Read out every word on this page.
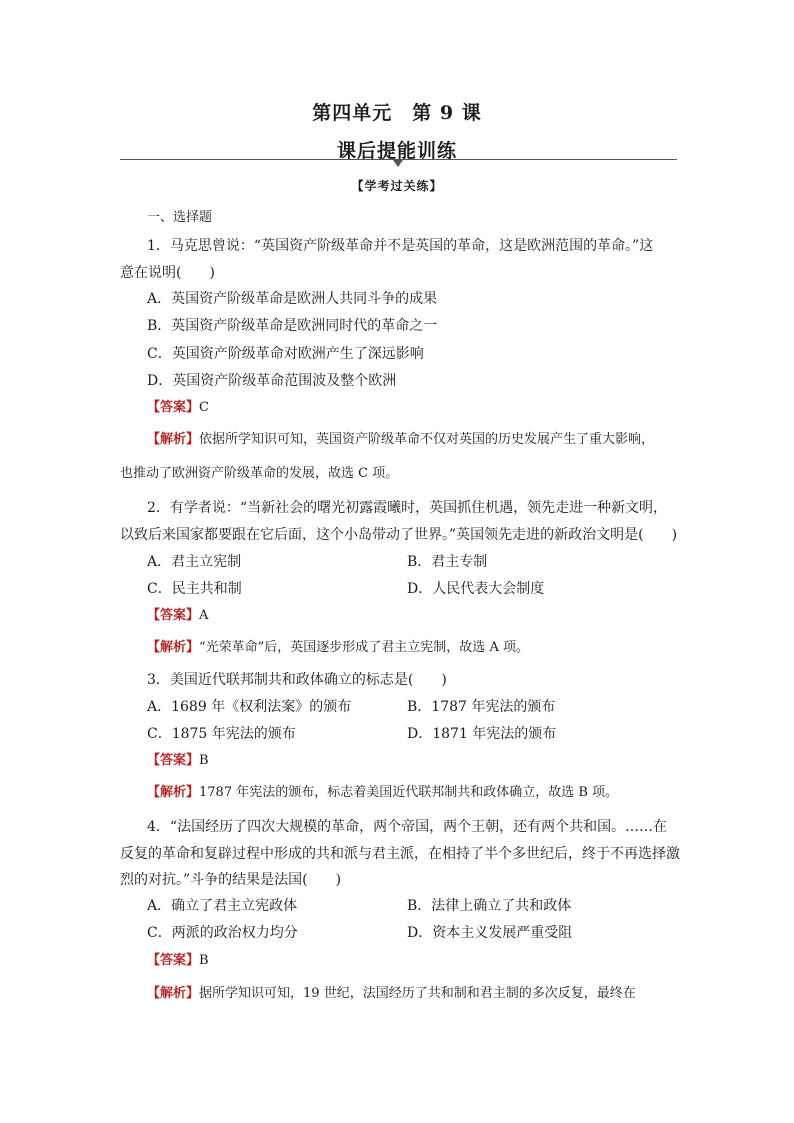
第四单元　第 9 课
课后提能训练
【学考过关练】
一、选择题
1．马克思曾说：“英国资产阶级革命并不是英国的革命，这是欧洲范围的革命。”这
意在说明(　　)
A．英国资产阶级革命是欧洲人共同斗争的成果
B．英国资产阶级革命是欧洲同时代的革命之一
C．英国资产阶级革命对欧洲产生了深远影响
D．英国资产阶级革命范围波及整个欧洲
【答案】C
【解析】依据所学知识可知，英国资产阶级革命不仅对英国的历史发展产生了重大影响，
也推动了欧洲资产阶级革命的发展，故选 C 项。
2．有学者说：“当新社会的曙光初露霞曦时，英国抓住机遇，领先走进一种新文明，
以致后来国家都要跟在它后面，这个小岛带动了世界。”英国领先走进的新政治文明是(　　)
A．君主立宪制	B．君主专制
C．民主共和制	D．人民代表大会制度
【答案】A
【解析】“光荣革命”后，英国逐步形成了君主立宪制，故选 A 项。
3．美国近代联邦制共和政体确立的标志是(　　)
A．1689 年《权利法案》的颁布	B．1787 年宪法的颁布
C．1875 年宪法的颁布	D．1871 年宪法的颁布
【答案】B
【解析】1787 年宪法的颁布，标志着美国近代联邦制共和政体确立，故选 B 项。
4．“法国经历了四次大规模的革命，两个帝国，两个王朝，还有两个共和国。……在
反复的革命和复辟过程中形成的共和派与君主派，在相持了半个多世纪后，终于不再选择激
烈的对抗。”斗争的结果是法国(　　)
A．确立了君主立宪政体	B．法律上确立了共和政体
C．两派的政治权力均分	D．资本主义发展严重受阻
【答案】B
【解析】据所学知识可知，19 世纪，法国经历了共和制和君主制的多次反复，最终在
